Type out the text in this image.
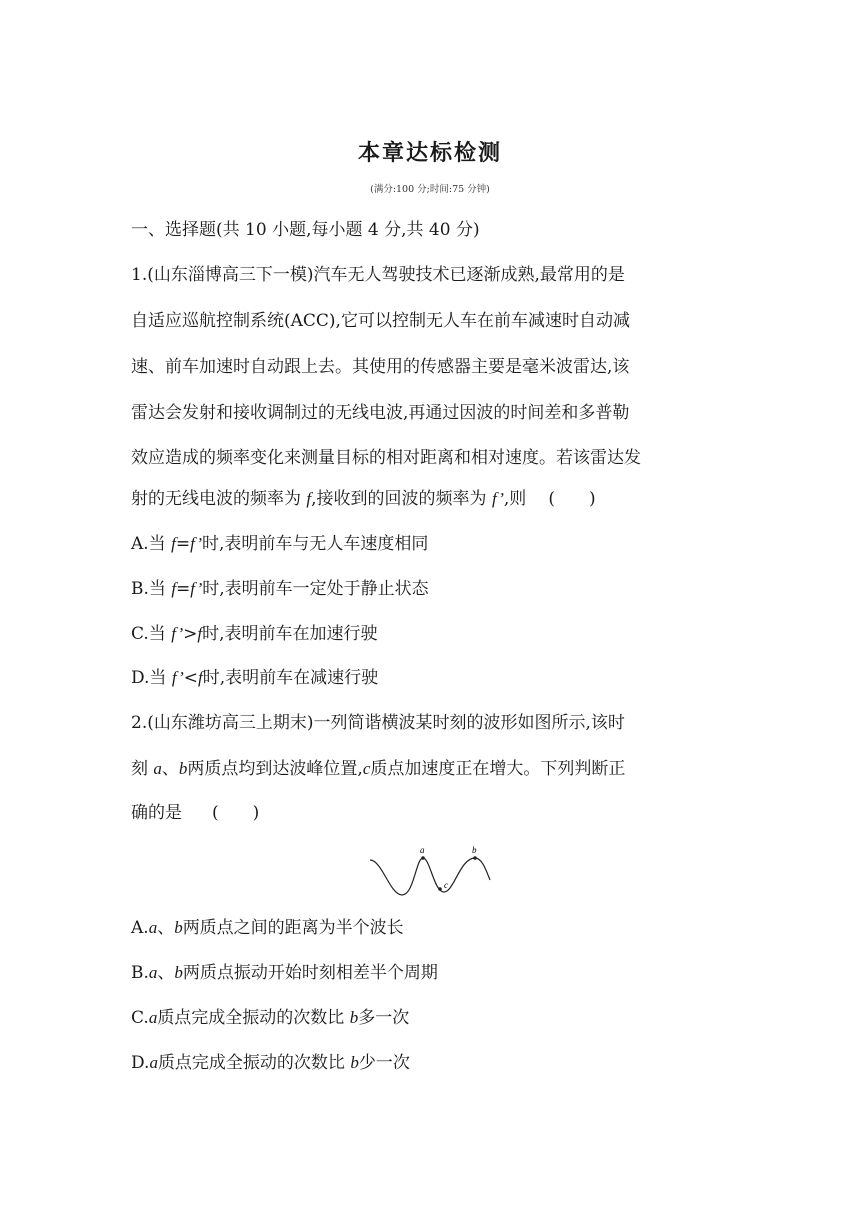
本章达标检测
(满分:100 分;时间:75 分钟)
一、选择题(共 10 小题,每小题 4 分,共 40 分)
1.(山东淄博高三下一模)汽车无人驾驶技术已逐渐成熟,最常用的是
自适应巡航控制系统(ACC),它可以控制无人车在前车减速时自动减
速、前车加速时自动跟上去。其使用的传感器主要是毫米波雷达,该
雷达会发射和接收调制过的无线电波,再通过因波的时间差和多普勒
效应造成的频率变化来测量目标的相对距离和相对速度。若该雷达发
射的无线电波的频率为 f,接收到的回波的频率为 f’,则 (　　)
A.当 f=f’时,表明前车与无人车速度相同
B.当 f=f’时,表明前车一定处于静止状态
C.当 f’>f时,表明前车在加速行驶
D.当 f’<f时,表明前车在减速行驶
2.(山东潍坊高三上期末)一列简谐横波某时刻的波形如图所示,该时
刻 a、b两质点均到达波峰位置,c质点加速度正在增大。下列判断正
确的是 (　　)
a	b
c
A.a、b两质点之间的距离为半个波长
B.a、b两质点振动开始时刻相差半个周期
C.a质点完成全振动的次数比 b多一次
D.a质点完成全振动的次数比 b少一次
